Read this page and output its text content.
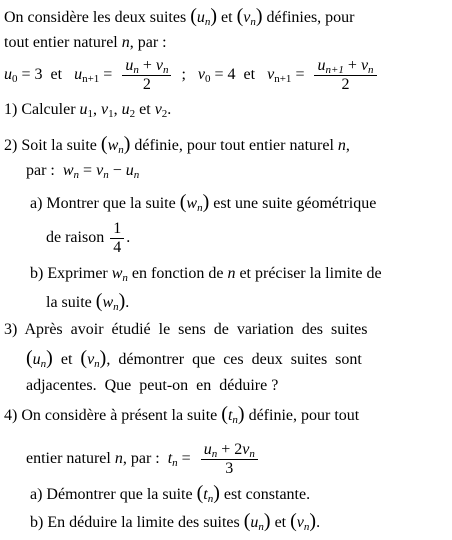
On considère les deux suites ( $u_n$ ) et ( $v_n$ ) définies, pour
tout entier naturel n, par :
$u_0 = 3$  et   $u_{n+1} = \frac{u_n + v_n}{2}$ ;   $v_0 = 4$  et   $v_{n+1} = \frac{u_{n+1} + v_n}{2}$
1) Calculer $u_1$, $v_1$, $u_2$ et $v_2$.
2) Soit la suite ( $w_n$ ) définie, pour tout entier naturel n,
par : $w_n = v_n - u_n$
a) Montrer que la suite ( $w_n$ ) est une suite géométrique
de raison $\frac{1}{4}$ .
b) Exprimer $w_n$ en fonction de n et préciser la limite de
la suite ( $w_n$ ) .
3)  Après  avoir  étudié  le  sens  de  variation  des  suites
( $u_n$ ) et ( $v_n$ ) ,  démontrer  que  ces  deux  suites  sont
adjacentes.  Que  peut-on  en  déduire ?
4) On considère à présent la suite ( $t_n$ ) définie, pour tout
entier naturel n, par : $t_n = \frac{u_n + 2v_n}{3}$
a) Démontrer que la suite ( $t_n$ ) est constante.
b) En déduire la limite des suites ( $u_n$ ) et ( $v_n$ ) .
